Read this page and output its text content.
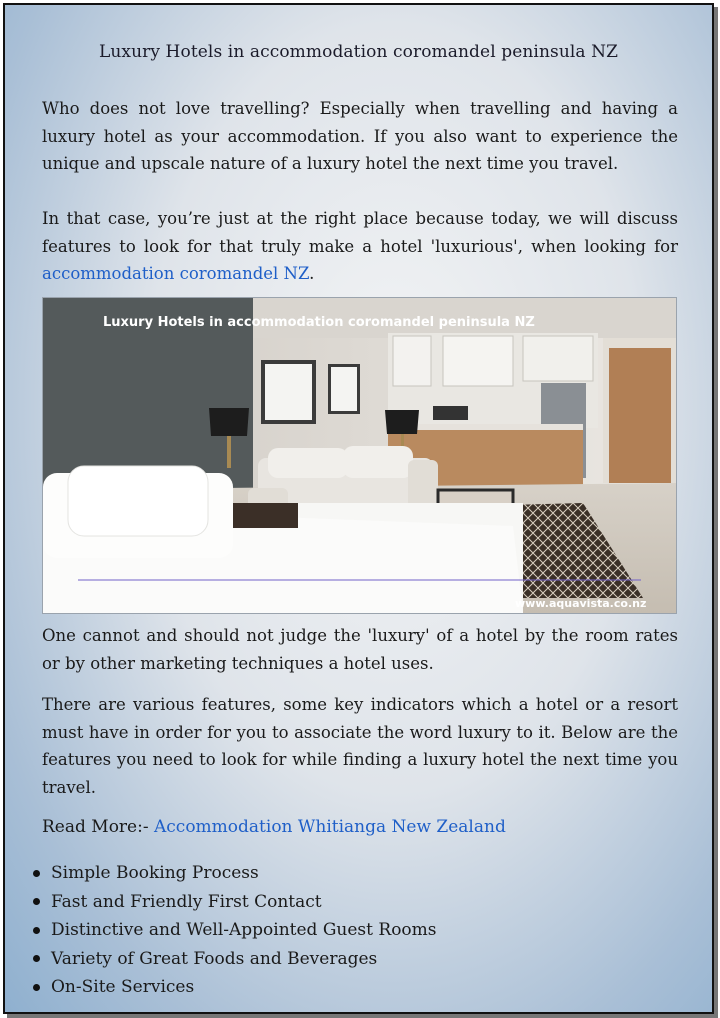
Luxury Hotels in accommodation coromandel peninsula NZ
Who does not love travelling? Especially when travelling and having a luxury hotel as your accommodation. If you also want to experience the unique and upscale nature of a luxury hotel the next time you travel.
In that case, you’re just at the right place because today, we will discuss features to look for that truly make a hotel 'luxurious', when looking for accommodation coromandel NZ.
Luxury Hotels in accommodation coromandel peninsula NZ
www.aquavista.co.nz
One cannot and should not judge the 'luxury' of a hotel by the room rates or by other marketing techniques a hotel uses.
There are various features, some key indicators which a hotel or a resort must have in order for you to associate the word luxury to it. Below are the features you need to look for while finding a luxury hotel the next time you travel.
Read More:- Accommodation Whitianga New Zealand
Simple Booking Process
Fast and Friendly First Contact
Distinctive and Well-Appointed Guest Rooms
Variety of Great Foods and Beverages
On-Site Services
